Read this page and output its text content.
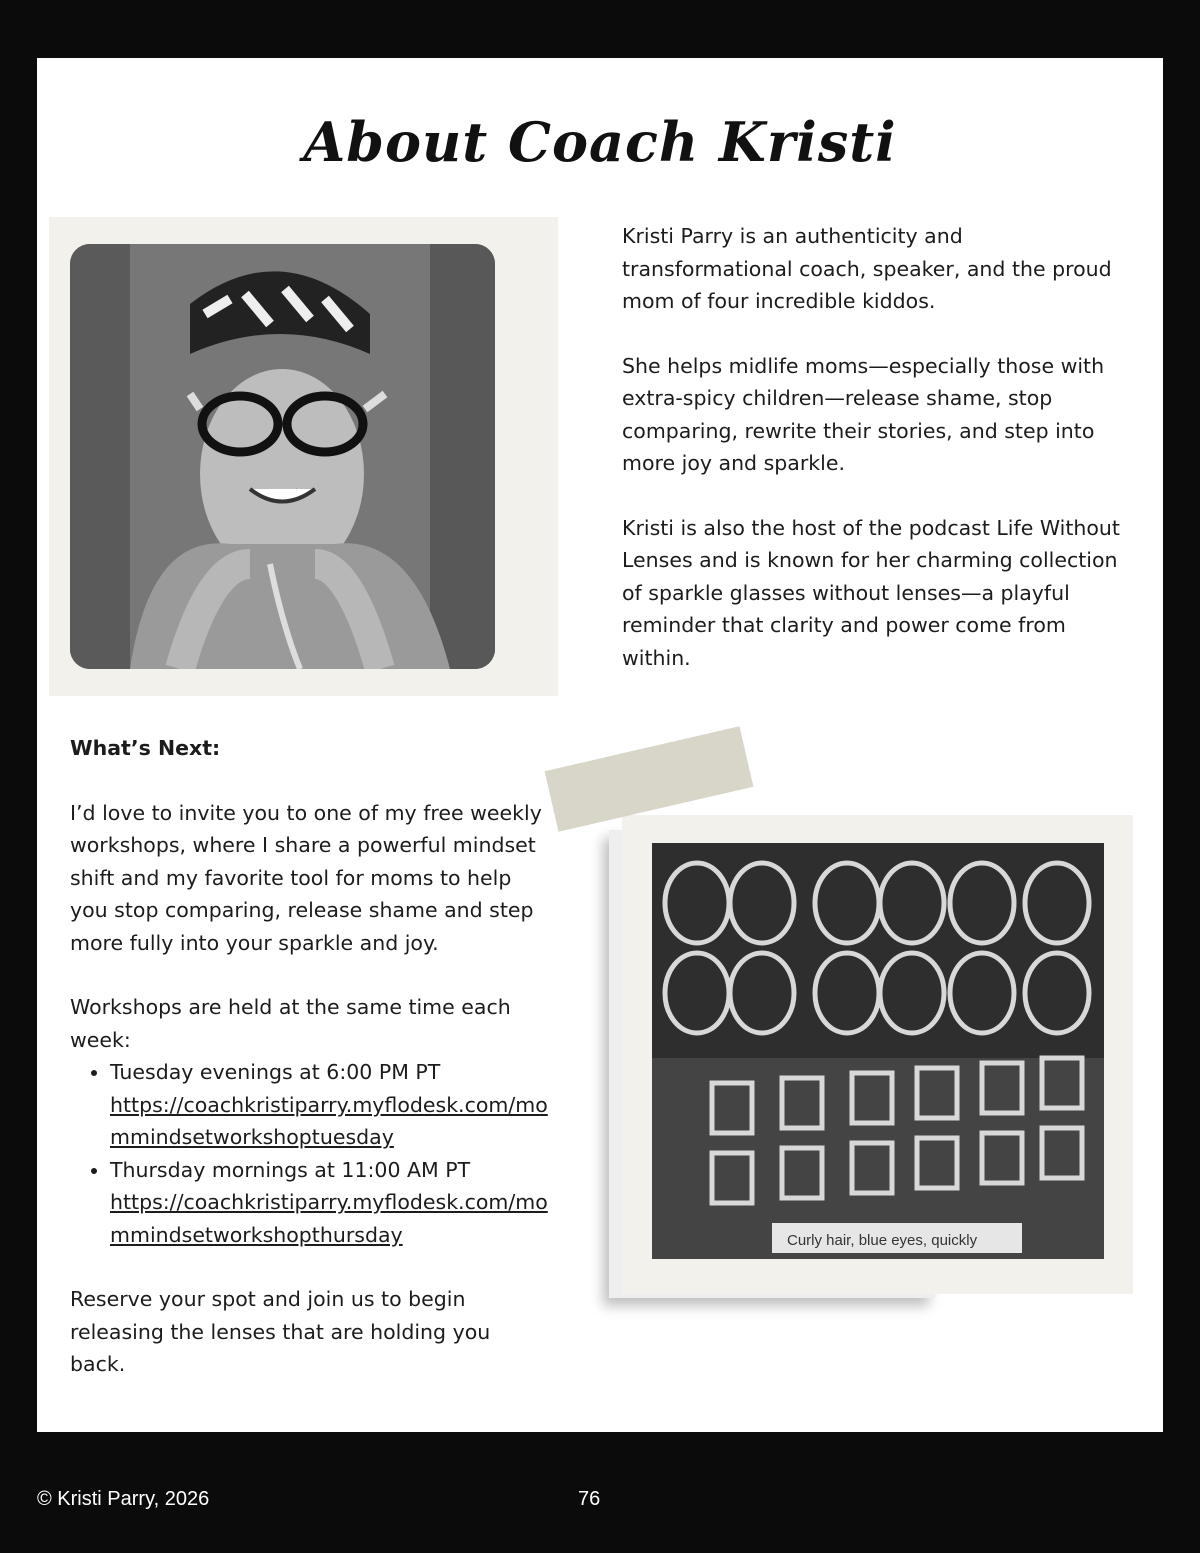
About Coach Kristi

Kristi Parry is an authenticity and transformational coach, speaker, and the proud mom of four incredible kiddos.

She helps midlife moms—especially those with extra-spicy children—release shame, stop comparing, rewrite their stories, and step into more joy and sparkle.

Kristi is also the host of the podcast Life Without Lenses and is known for her charming collection of sparkle glasses without lenses—a playful reminder that clarity and power come from within.

What’s Next:

I’d love to invite you to one of my free weekly workshops, where I share a powerful mindset shift and my favorite tool for moms to help you stop comparing, release shame and step more fully into your sparkle and joy.

Workshops are held at the same time each week:

• Tuesday evenings at 6:00 PM PT
https://coachkristiparry.myflodesk.com/mommindsetworkshoptuesday
• Thursday mornings at 11:00 AM PT
https://coachkristiparry.myflodesk.com/mommindsetworkshopthursday

Reserve your spot and join us to begin releasing the lenses that are holding you back.

Curly hair, blue eyes, quickly
© Kristi Parry, 2026	76
